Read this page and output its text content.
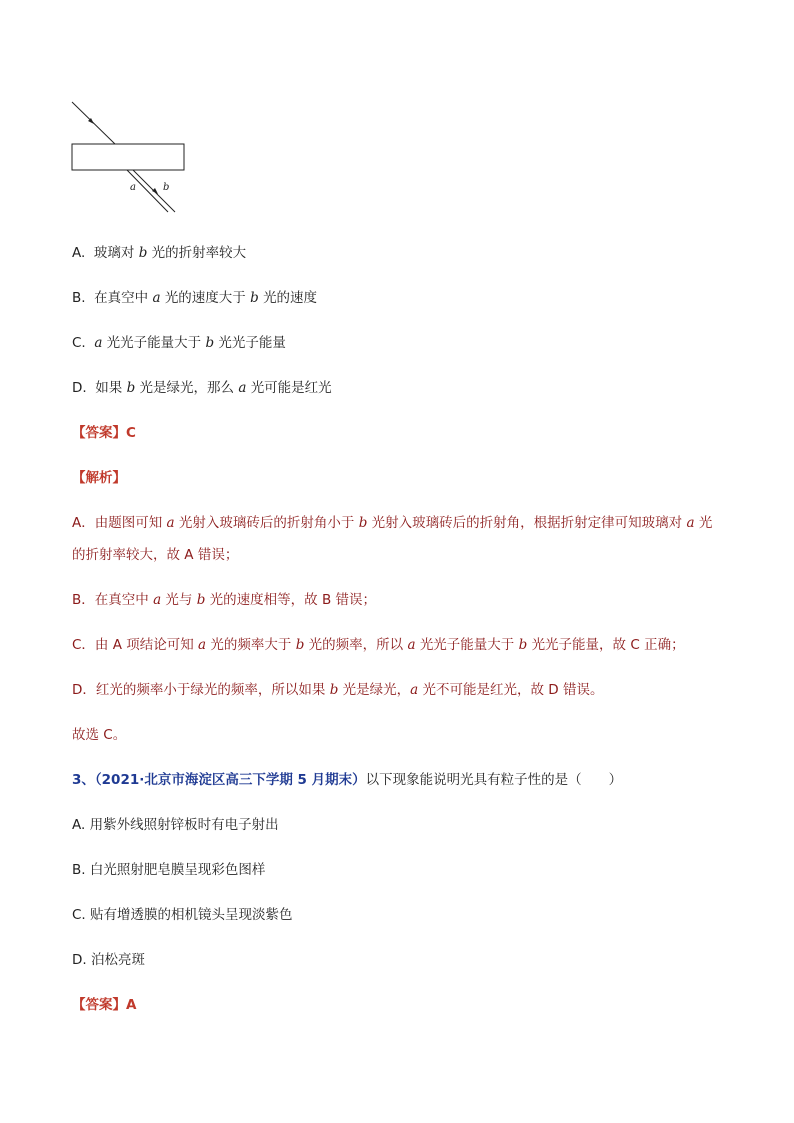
a	b
A. 玻璃对 b 光的折射率较大
B. 在真空中 a 光的速度大于 b 光的速度
C. a 光光子能量大于 b 光光子能量
D. 如果 b 光是绿光，那么 a 光可能是红光
【答案】C
【解析】
A．由题图可知 a 光射入玻璃砖后的折射角小于 b 光射入玻璃砖后的折射角，根据折射定律可知玻璃对 a 光
的折射率较大，故 A 错误；
B．在真空中 a 光与 b 光的速度相等，故 B 错误；
C．由 A 项结论可知 a 光的频率大于 b 光的频率，所以 a 光光子能量大于 b 光光子能量，故 C 正确；
D．红光的频率小于绿光的频率，所以如果 b 光是绿光，a 光不可能是红光，故 D 错误。
故选 C。
3、（2021·北京市海淀区高三下学期 5 月期末）以下现象能说明光具有粒子性的是（　　）
A. 用紫外线照射锌板时有电子射出
B. 白光照射肥皂膜呈现彩色图样
C. 贴有增透膜的相机镜头呈现淡紫色
D. 泊松亮斑
【答案】A
